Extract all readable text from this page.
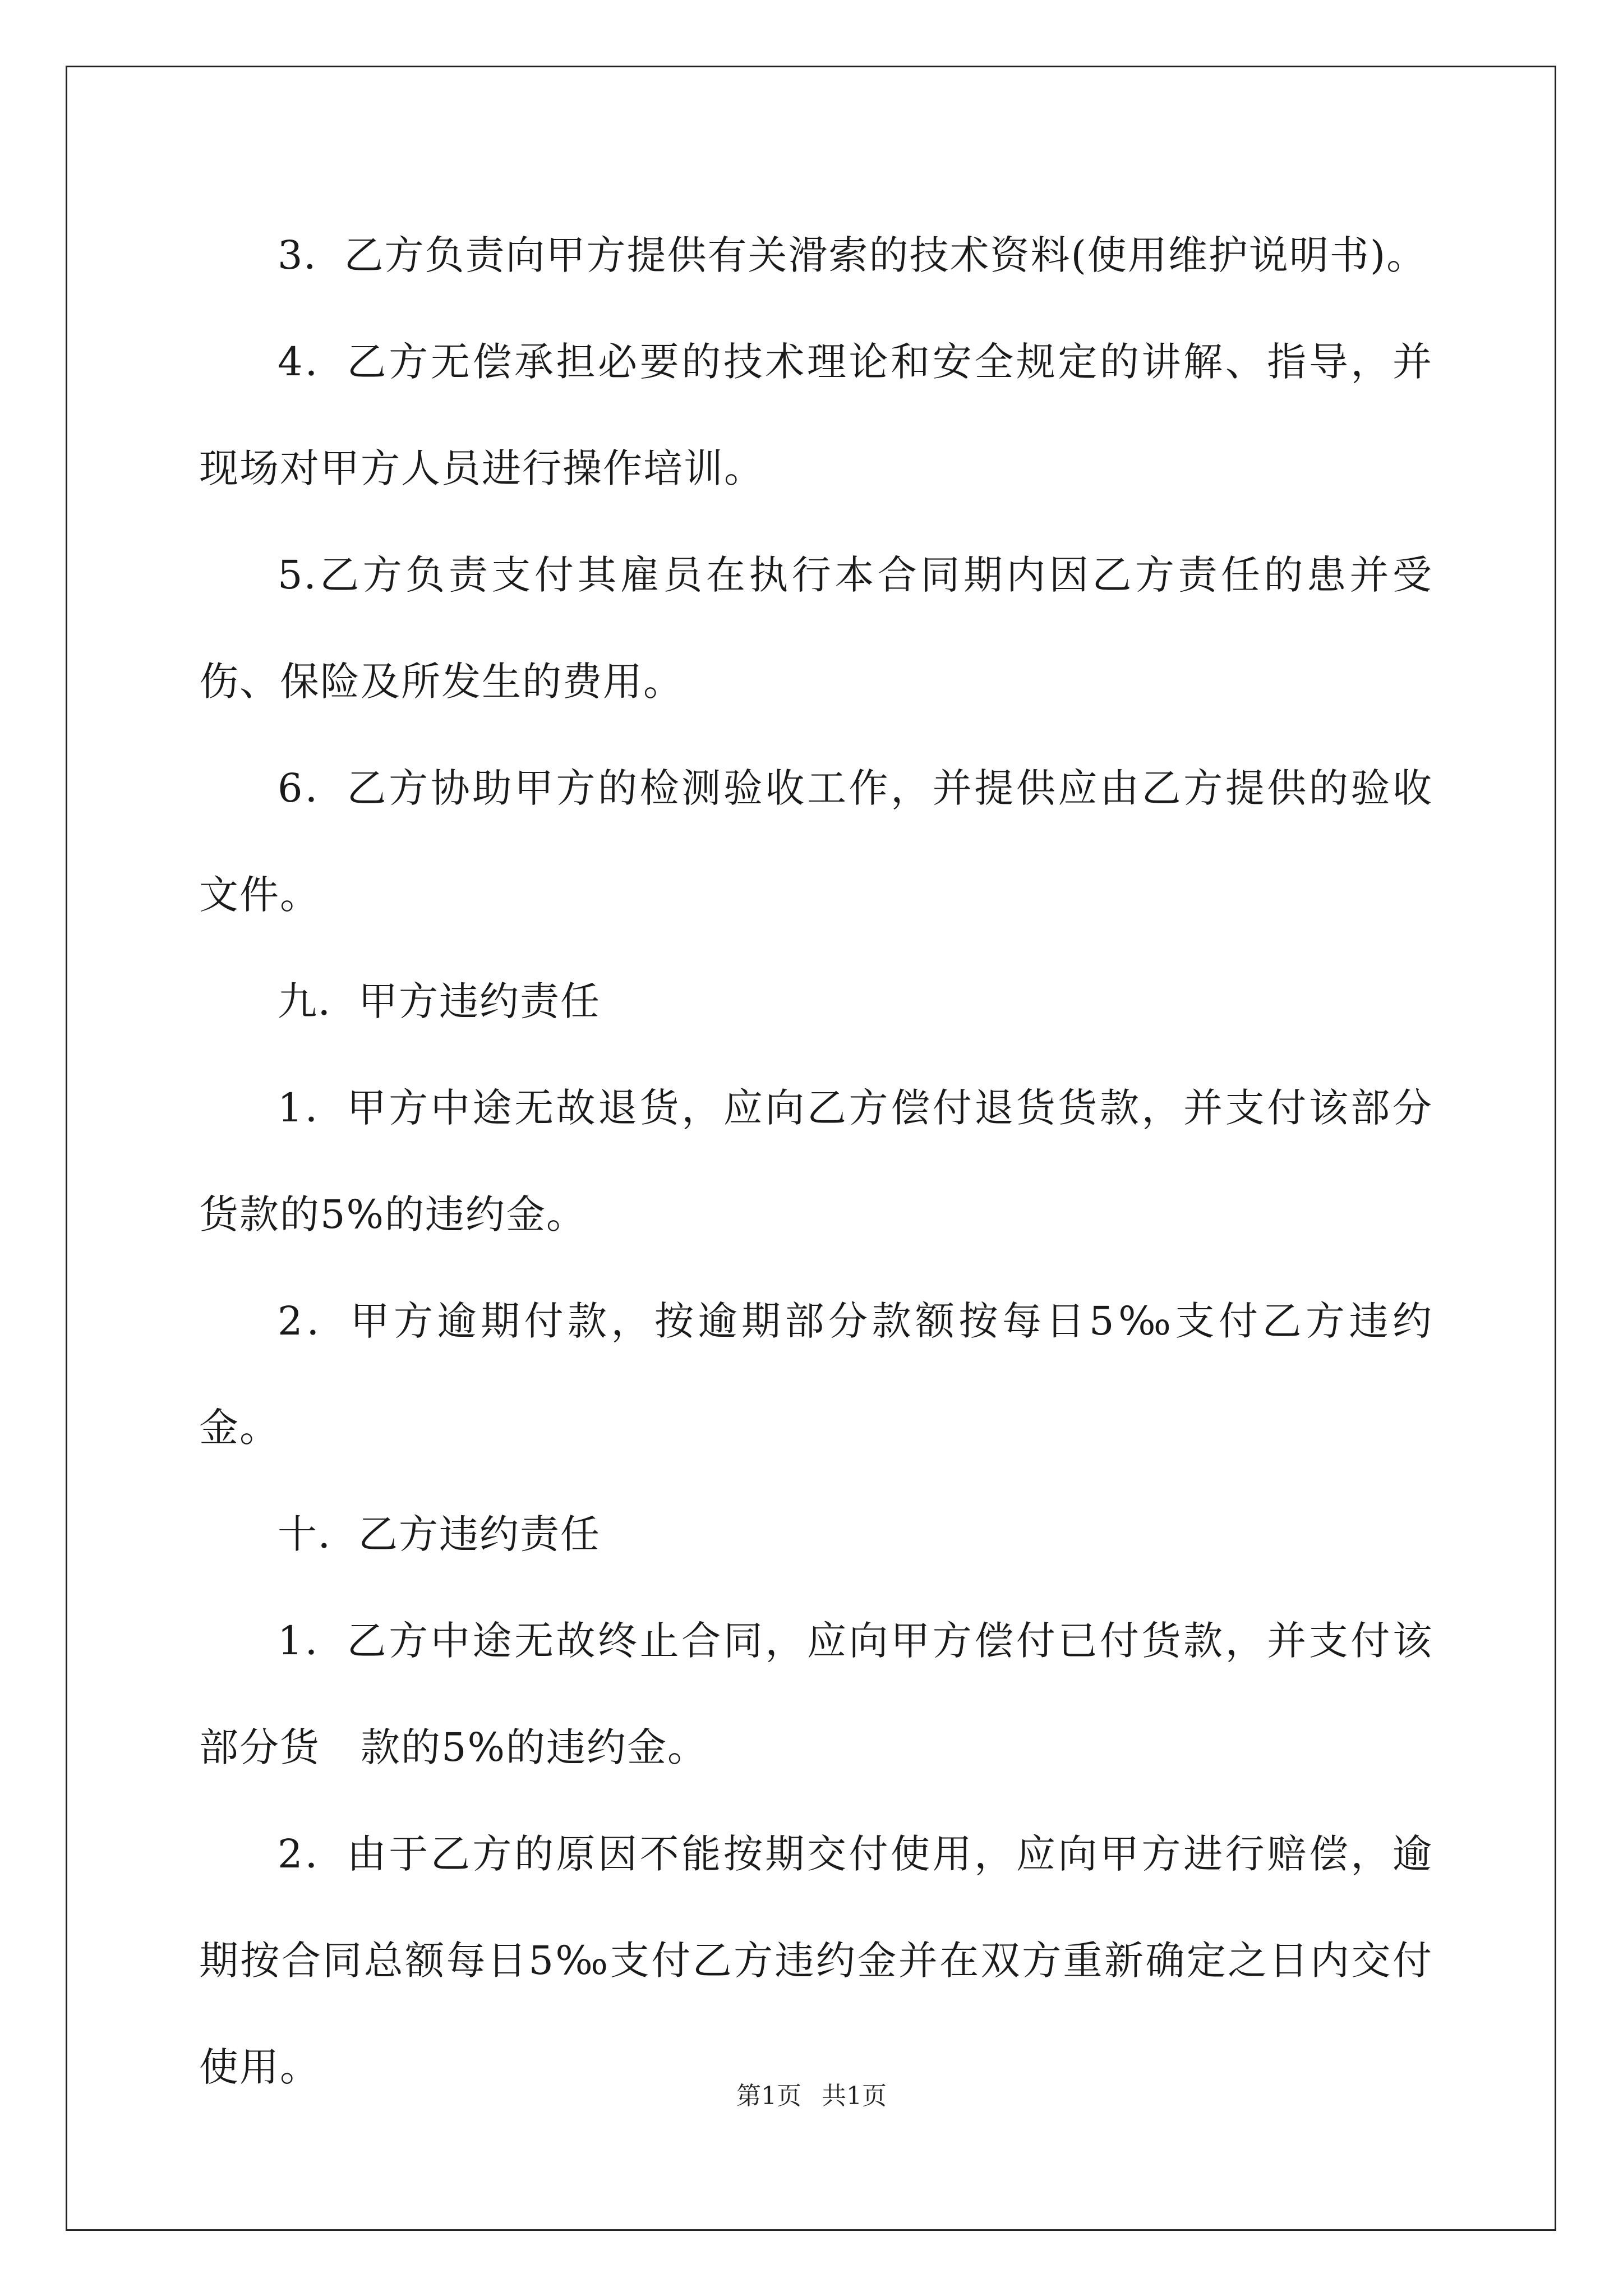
3．乙方负责向甲方提供有关滑索的技术资料(使用维护说明书)。

4．乙方无偿承担必要的技术理论和安全规定的讲解、指导，并现场对甲方人员进行操作培训。

5.乙方负责支付其雇员在执行本合同期内因乙方责任的患并受伤、保险及所发生的费用。

6．乙方协助甲方的检测验收工作，并提供应由乙方提供的验收文件。

九．甲方违约责任

1．甲方中途无故退货，应向乙方偿付退货货款，并支付该部分货款的5%的违约金。

2．甲方逾期付款，按逾期部分款额按每日5‰支付乙方违约金。

十．乙方违约责任

1．乙方中途无故终止合同，应向甲方偿付已付货款，并支付该部分货　款的5%的违约金。

2．由于乙方的原因不能按期交付使用，应向甲方进行赔偿，逾期按合同总额每日5‰支付乙方违约金并在双方重新确定之日内交付使用。

第1页 共1页
